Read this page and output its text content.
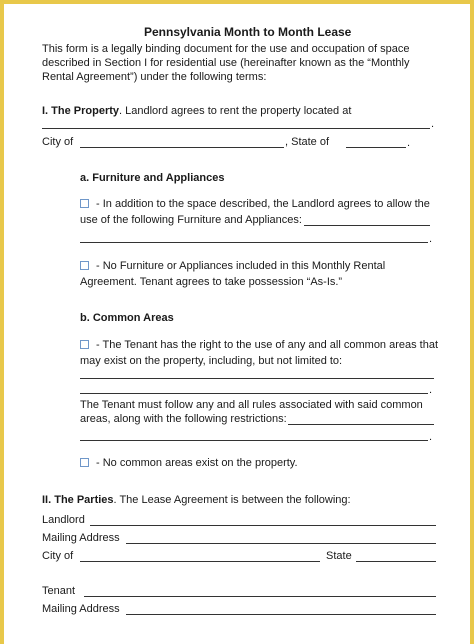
Pennsylvania Month to Month Lease
This form is a legally binding document for the use and occupation of space
described in Section I for residential use (hereinafter known as the “Monthly
Rental Agreement”) under the following terms:
I. The Property. Landlord agrees to rent the property located at
.
City of	, State of	.
a. Furniture and Appliances
- In addition to the space described, the Landlord agrees to allow the
use of the following Furniture and Appliances:
.
- No Furniture or Appliances included in this Monthly Rental
Agreement. Tenant agrees to take possession “As-Is.”
b. Common Areas
- The Tenant has the right to the use of any and all common areas that
may exist on the property, including, but not limited to:
.
The Tenant must follow any and all rules associated with said common
areas, along with the following restrictions:
.
- No common areas exist on the property.
II. The Parties. The Lease Agreement is between the following:
Landlord
Mailing Address
City of	State
Tenant
Mailing Address
